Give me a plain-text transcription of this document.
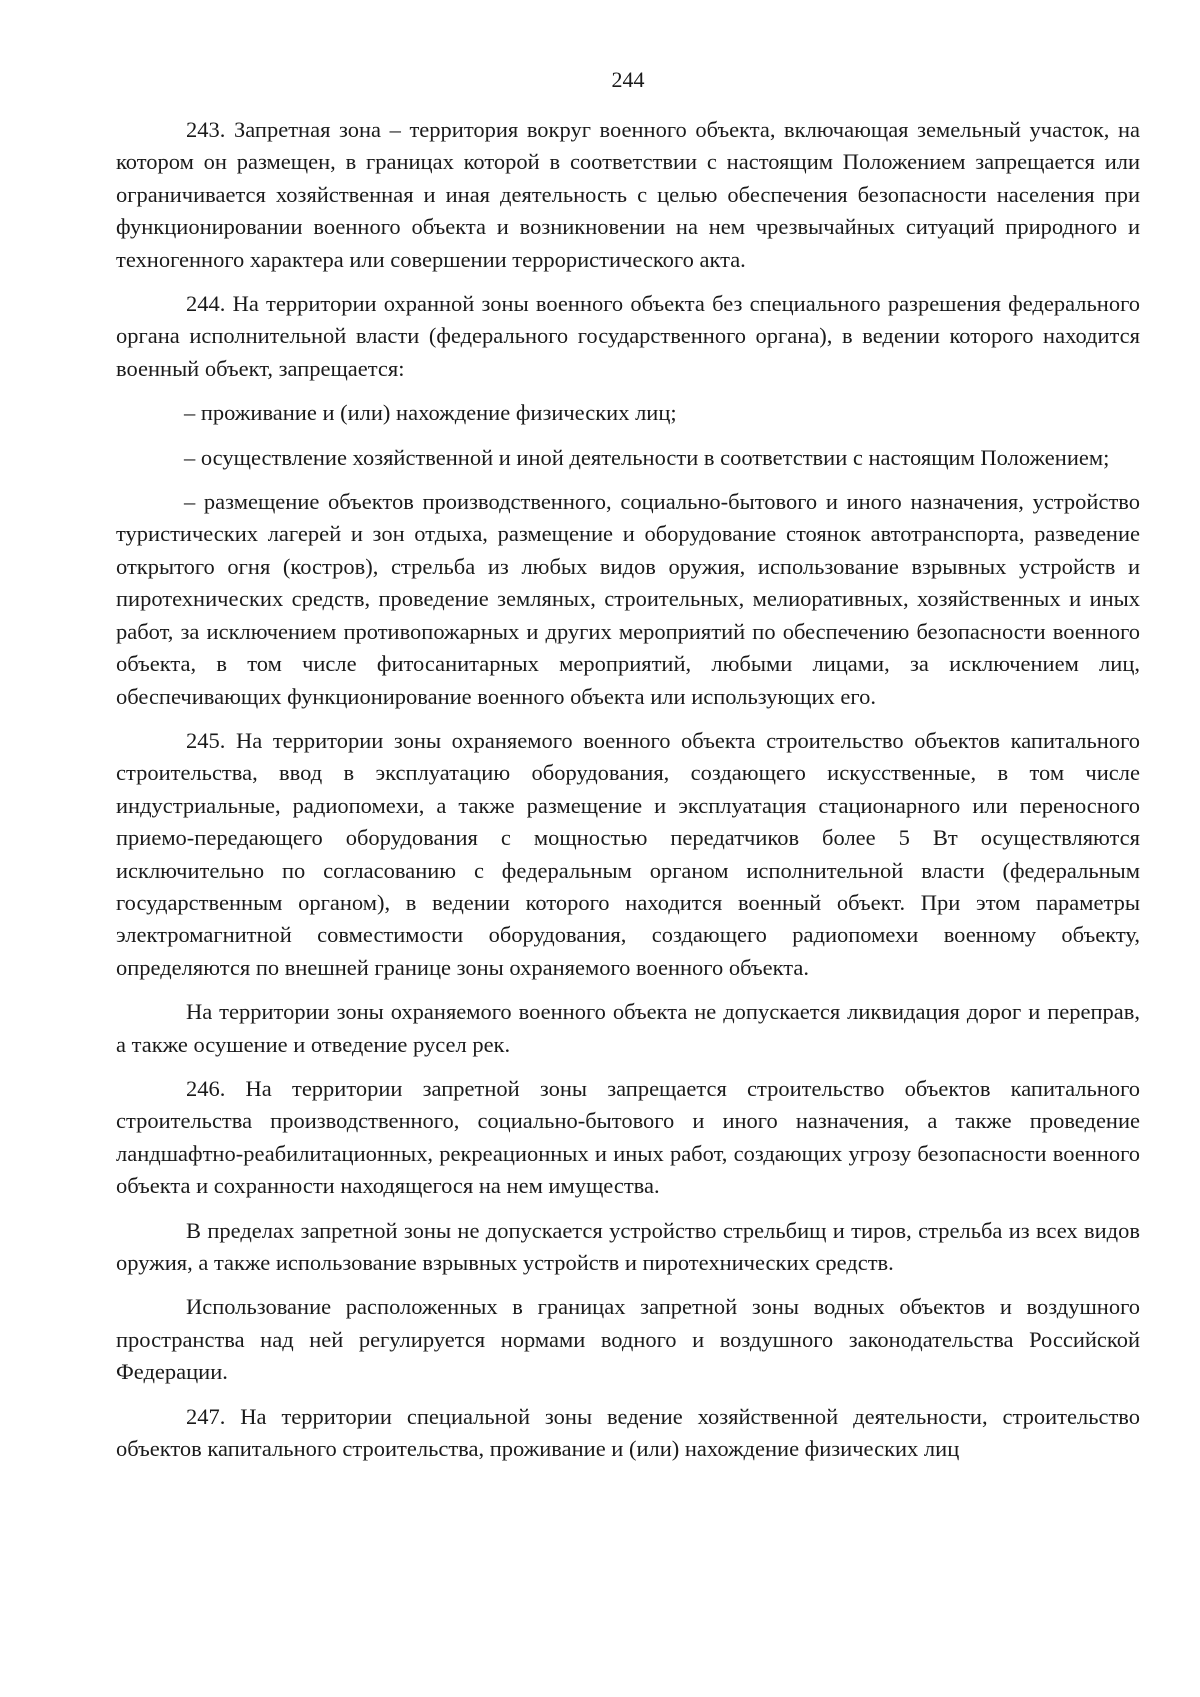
244

243. Запретная зона – территория вокруг военного объекта, включающая земельный участок, на котором он размещен, в границах которой в соответствии с настоящим Положением запрещается или ограничивается хозяйственная и иная деятельность с целью обеспечения безопасности населения при функционировании военного объекта и возникновении на нем чрезвычайных ситуаций природного и техногенного характера или совершении террористического акта.

244. На территории охранной зоны военного объекта без специального разрешения федерального органа исполнительной власти (федерального государственного органа), в ведении которого находится военный объект, запрещается:

– проживание и (или) нахождение физических лиц;

– осуществление хозяйственной и иной деятельности в соответствии с настоящим Положением;

– размещение объектов производственного, социально-бытового и иного назначения, устройство туристических лагерей и зон отдыха, размещение и оборудование стоянок автотранспорта, разведение открытого огня (костров), стрельба из любых видов оружия, использование взрывных устройств и пиротехнических средств, проведение земляных, строительных, мелиоративных, хозяйственных и иных работ, за исключением противопожарных и других мероприятий по обеспечению безопасности военного объекта, в том числе фитосанитарных мероприятий, любыми лицами, за исключением лиц, обеспечивающих функционирование военного объекта или использующих его.

245. На территории зоны охраняемого военного объекта строительство объектов капитального строительства, ввод в эксплуатацию оборудования, создающего искусственные, в том числе индустриальные, радиопомехи, а также размещение и эксплуатация стационарного или переносного приемо-передающего оборудования с мощностью передатчиков более 5 Вт осуществляются исключительно по согласованию с федеральным органом исполнительной власти (федеральным государственным органом), в ведении которого находится военный объект. При этом параметры электромагнитной совместимости оборудования, создающего радиопомехи военному объекту, определяются по внешней границе зоны охраняемого военного объекта.

На территории зоны охраняемого военного объекта не допускается ликвидация дорог и переправ, а также осушение и отведение русел рек.

246. На территории запретной зоны запрещается строительство объектов капитального строительства производственного, социально-бытового и иного назначения, а также проведение ландшафтно-реабилитационных, рекреационных и иных работ, создающих угрозу безопасности военного объекта и сохранности находящегося на нем имущества.

В пределах запретной зоны не допускается устройство стрельбищ и тиров, стрельба из всех видов оружия, а также использование взрывных устройств и пиротехнических средств.

Использование расположенных в границах запретной зоны водных объектов и воздушного пространства над ней регулируется нормами водного и воздушного законодательства Российской Федерации.

247. На территории специальной зоны ведение хозяйственной деятельности, строительство объектов капитального строительства, проживание и (или) нахождение физических лиц
